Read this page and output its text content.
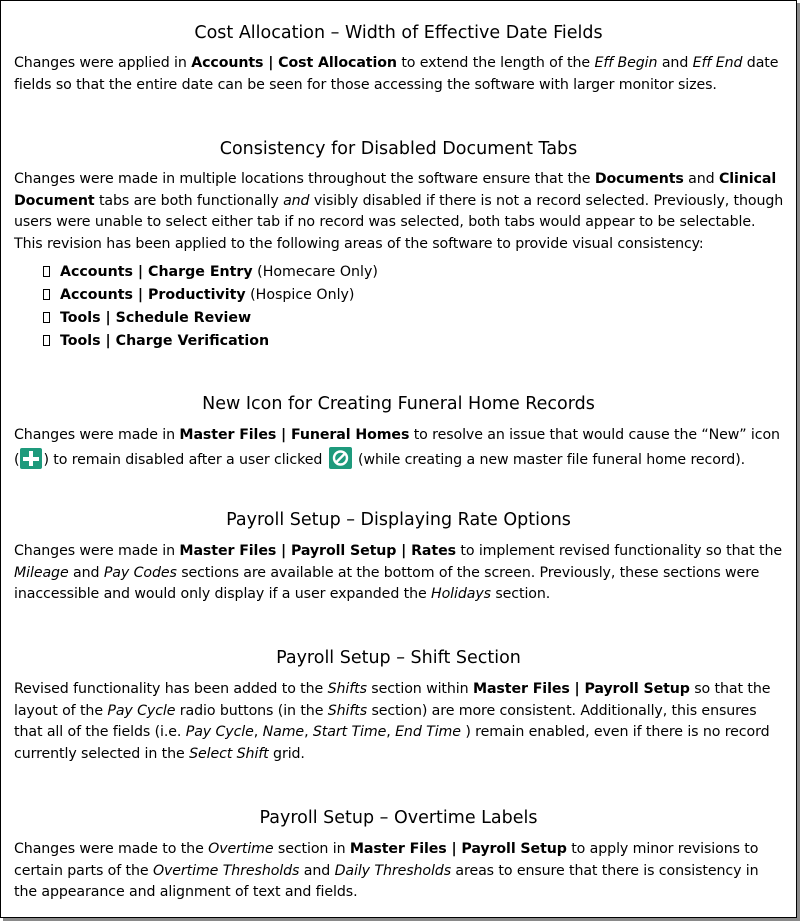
Cost Allocation – Width of Effective Date Fields
Changes were applied in Accounts | Cost Allocation to extend the length of the Eff Begin and Eff End date
fields so that the entire date can be seen for those accessing the software with larger monitor sizes.
Consistency for Disabled Document Tabs
Changes were made in multiple locations throughout the software ensure that the Documents and Clinical
Document tabs are both functionally and visibly disabled if there is not a record selected. Previously, though
users were unable to select either tab if no record was selected, both tabs would appear to be selectable.
This revision has been applied to the following areas of the software to provide visual consistency:
Accounts | Charge Entry (Homecare Only)
Accounts | Productivity (Hospice Only)
Tools | Schedule Review
Tools | Charge Verification
New Icon for Creating Funeral Home Records
Changes were made in Master Files | Funeral Homes to resolve an issue that would cause the “New” icon
( ) to remain disabled after a user clicked
(while creating a new master file funeral home record).
Payroll Setup – Displaying Rate Options
Changes were made in Master Files | Payroll Setup | Rates to implement revised functionality so that the
Mileage and Pay Codes sections are available at the bottom of the screen. Previously, these sections were
inaccessible and would only display if a user expanded the Holidays section.
Payroll Setup – Shift Section
Revised functionality has been added to the Shifts section within Master Files | Payroll Setup so that the
layout of the Pay Cycle radio buttons (in the Shifts section) are more consistent. Additionally, this ensures
that all of the fields (i.e. Pay Cycle, Name, Start Time, End Time ) remain enabled, even if there is no record
currently selected in the Select Shift grid.
Payroll Setup – Overtime Labels
Changes were made to the Overtime section in Master Files | Payroll Setup to apply minor revisions to
certain parts of the Overtime Thresholds and Daily Thresholds areas to ensure that there is consistency in
the appearance and alignment of text and fields.
